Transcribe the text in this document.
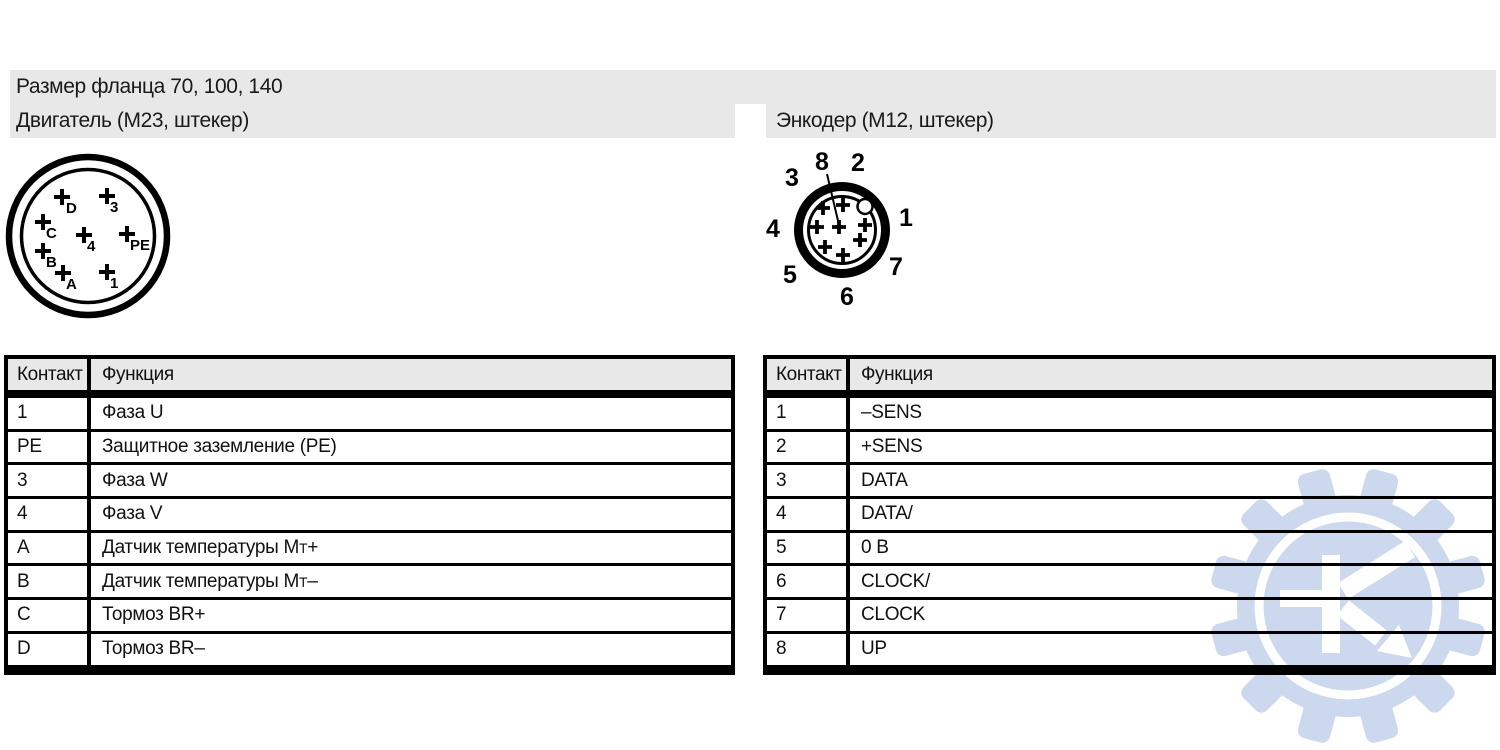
Размер фланца 70, 100, 140
Двигатель (M23, штекер)	Энкодер (M12, штекер)
D 3
C
4 PE
B
A 1
1
2
3
4
5
6
7
8
Контакт	Функция
1	Фаза U
PE	Защитное заземление (PE)
3	Фаза W
4	Фаза V
A	Датчик температуры M T +
B	Датчик температуры M T –
C	Тормоз BR+
D	Тормоз BR–
Контакт	Функция
1	–SENS
2	+SENS
3	DATA
4	DATA/
5	0 В
6	CLOCK/
7	CLOCK
8	UP
